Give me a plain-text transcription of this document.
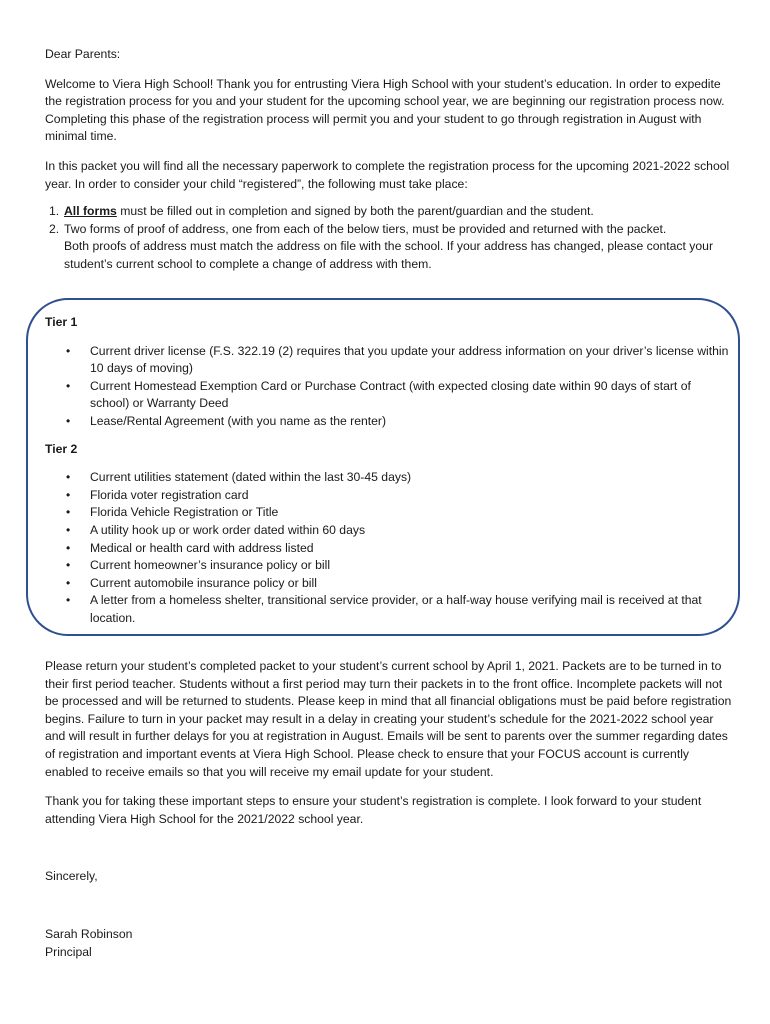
Dear Parents:

Welcome to Viera High School! Thank you for entrusting Viera High School with your student’s education. In order to expedite the registration process for you and your student for the upcoming school year, we are beginning our registration process now. Completing this phase of the registration process will permit you and your student to go through registration in August with minimal time.

In this packet you will find all the necessary paperwork to complete the registration process for the upcoming 2021-2022 school year. In order to consider your child “registered”, the following must take place:

1. All forms must be filled out in completion and signed by both the parent/guardian and the student.
2. Two forms of proof of address, one from each of the below tiers, must be provided and returned with the packet.

Both proofs of address must match the address on file with the school. If your address has changed, please contact your student’s current school to complete a change of address with them.

Tier 1

• Current driver license (F.S. 322.19 (2) requires that you update your address information on your driver’s license within 10 days of moving)
• Current Homestead Exemption Card or Purchase Contract (with expected closing date within 90 days of start of school) or Warranty Deed
• Lease/Rental Agreement (with you name as the renter)

Tier 2

• Current utilities statement (dated within the last 30-45 days)
• Florida voter registration card
• Florida Vehicle Registration or Title
• A utility hook up or work order dated within 60 days
• Medical or health card with address listed
• Current homeowner’s insurance policy or bill
• Current automobile insurance policy or bill
• A letter from a homeless shelter, transitional service provider, or a half-way house verifying mail is received at that location.

Please return your student’s completed packet to your student’s current school by April 1, 2021. Packets are to be turned in to their first period teacher. Students without a first period may turn their packets in to the front office. Incomplete packets will not be processed and will be returned to students. Please keep in mind that all financial obligations must be paid before registration begins. Failure to turn in your packet may result in a delay in creating your student’s schedule for the 2021-2022 school year and will result in further delays for you at registration in August. Emails will be sent to parents over the summer regarding dates of registration and important events at Viera High School. Please check to ensure that your FOCUS account is currently enabled to receive emails so that you will receive my email update for your student.

Thank you for taking these important steps to ensure your student’s registration is complete. I look forward to your student attending Viera High School for the 2021/2022 school year.

Sincerely,

Sarah Robinson

Principal
